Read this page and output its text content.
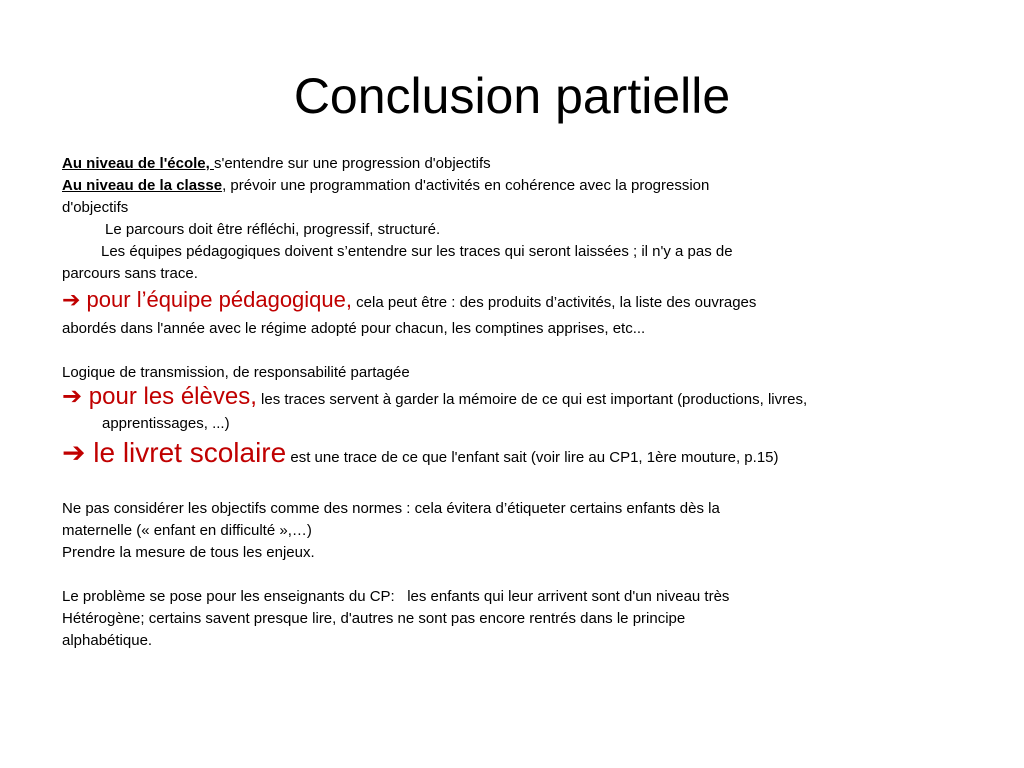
Conclusion partielle
Au niveau de l'école, s'entendre sur une progression d'objectifs
Au niveau de la classe, prévoir une programmation d'activités en cohérence avec la progression
d'objectifs
Le parcours doit être réfléchi, progressif, structuré.
Les équipes pédagogiques doivent s’entendre sur les traces qui seront laissées ; il n'y a pas de
parcours sans trace.
➔ pour l’équipe pédagogique, cela peut être : des produits d’activités, la liste des ouvrages
abordés dans l'année avec le régime adopté pour chacun, les comptines apprises, etc...
Logique de transmission, de responsabilité partagée
➔ pour les élèves, les traces servent à garder la mémoire de ce qui est important (productions, livres,
apprentissages, ...)
➔ le livret scolaire est une trace de ce que l'enfant sait (voir lire au CP1, 1ère mouture, p.15)
Ne pas considérer les objectifs comme des normes : cela évitera d’étiqueter certains enfants dès la
maternelle (« enfant en difficulté »,…)
Prendre la mesure de tous les enjeux.
Le problème se pose pour les enseignants du CP:   les enfants qui leur arrivent sont d'un niveau très
Hétérogène; certains savent presque lire, d'autres ne sont pas encore rentrés dans le principe
alphabétique.
